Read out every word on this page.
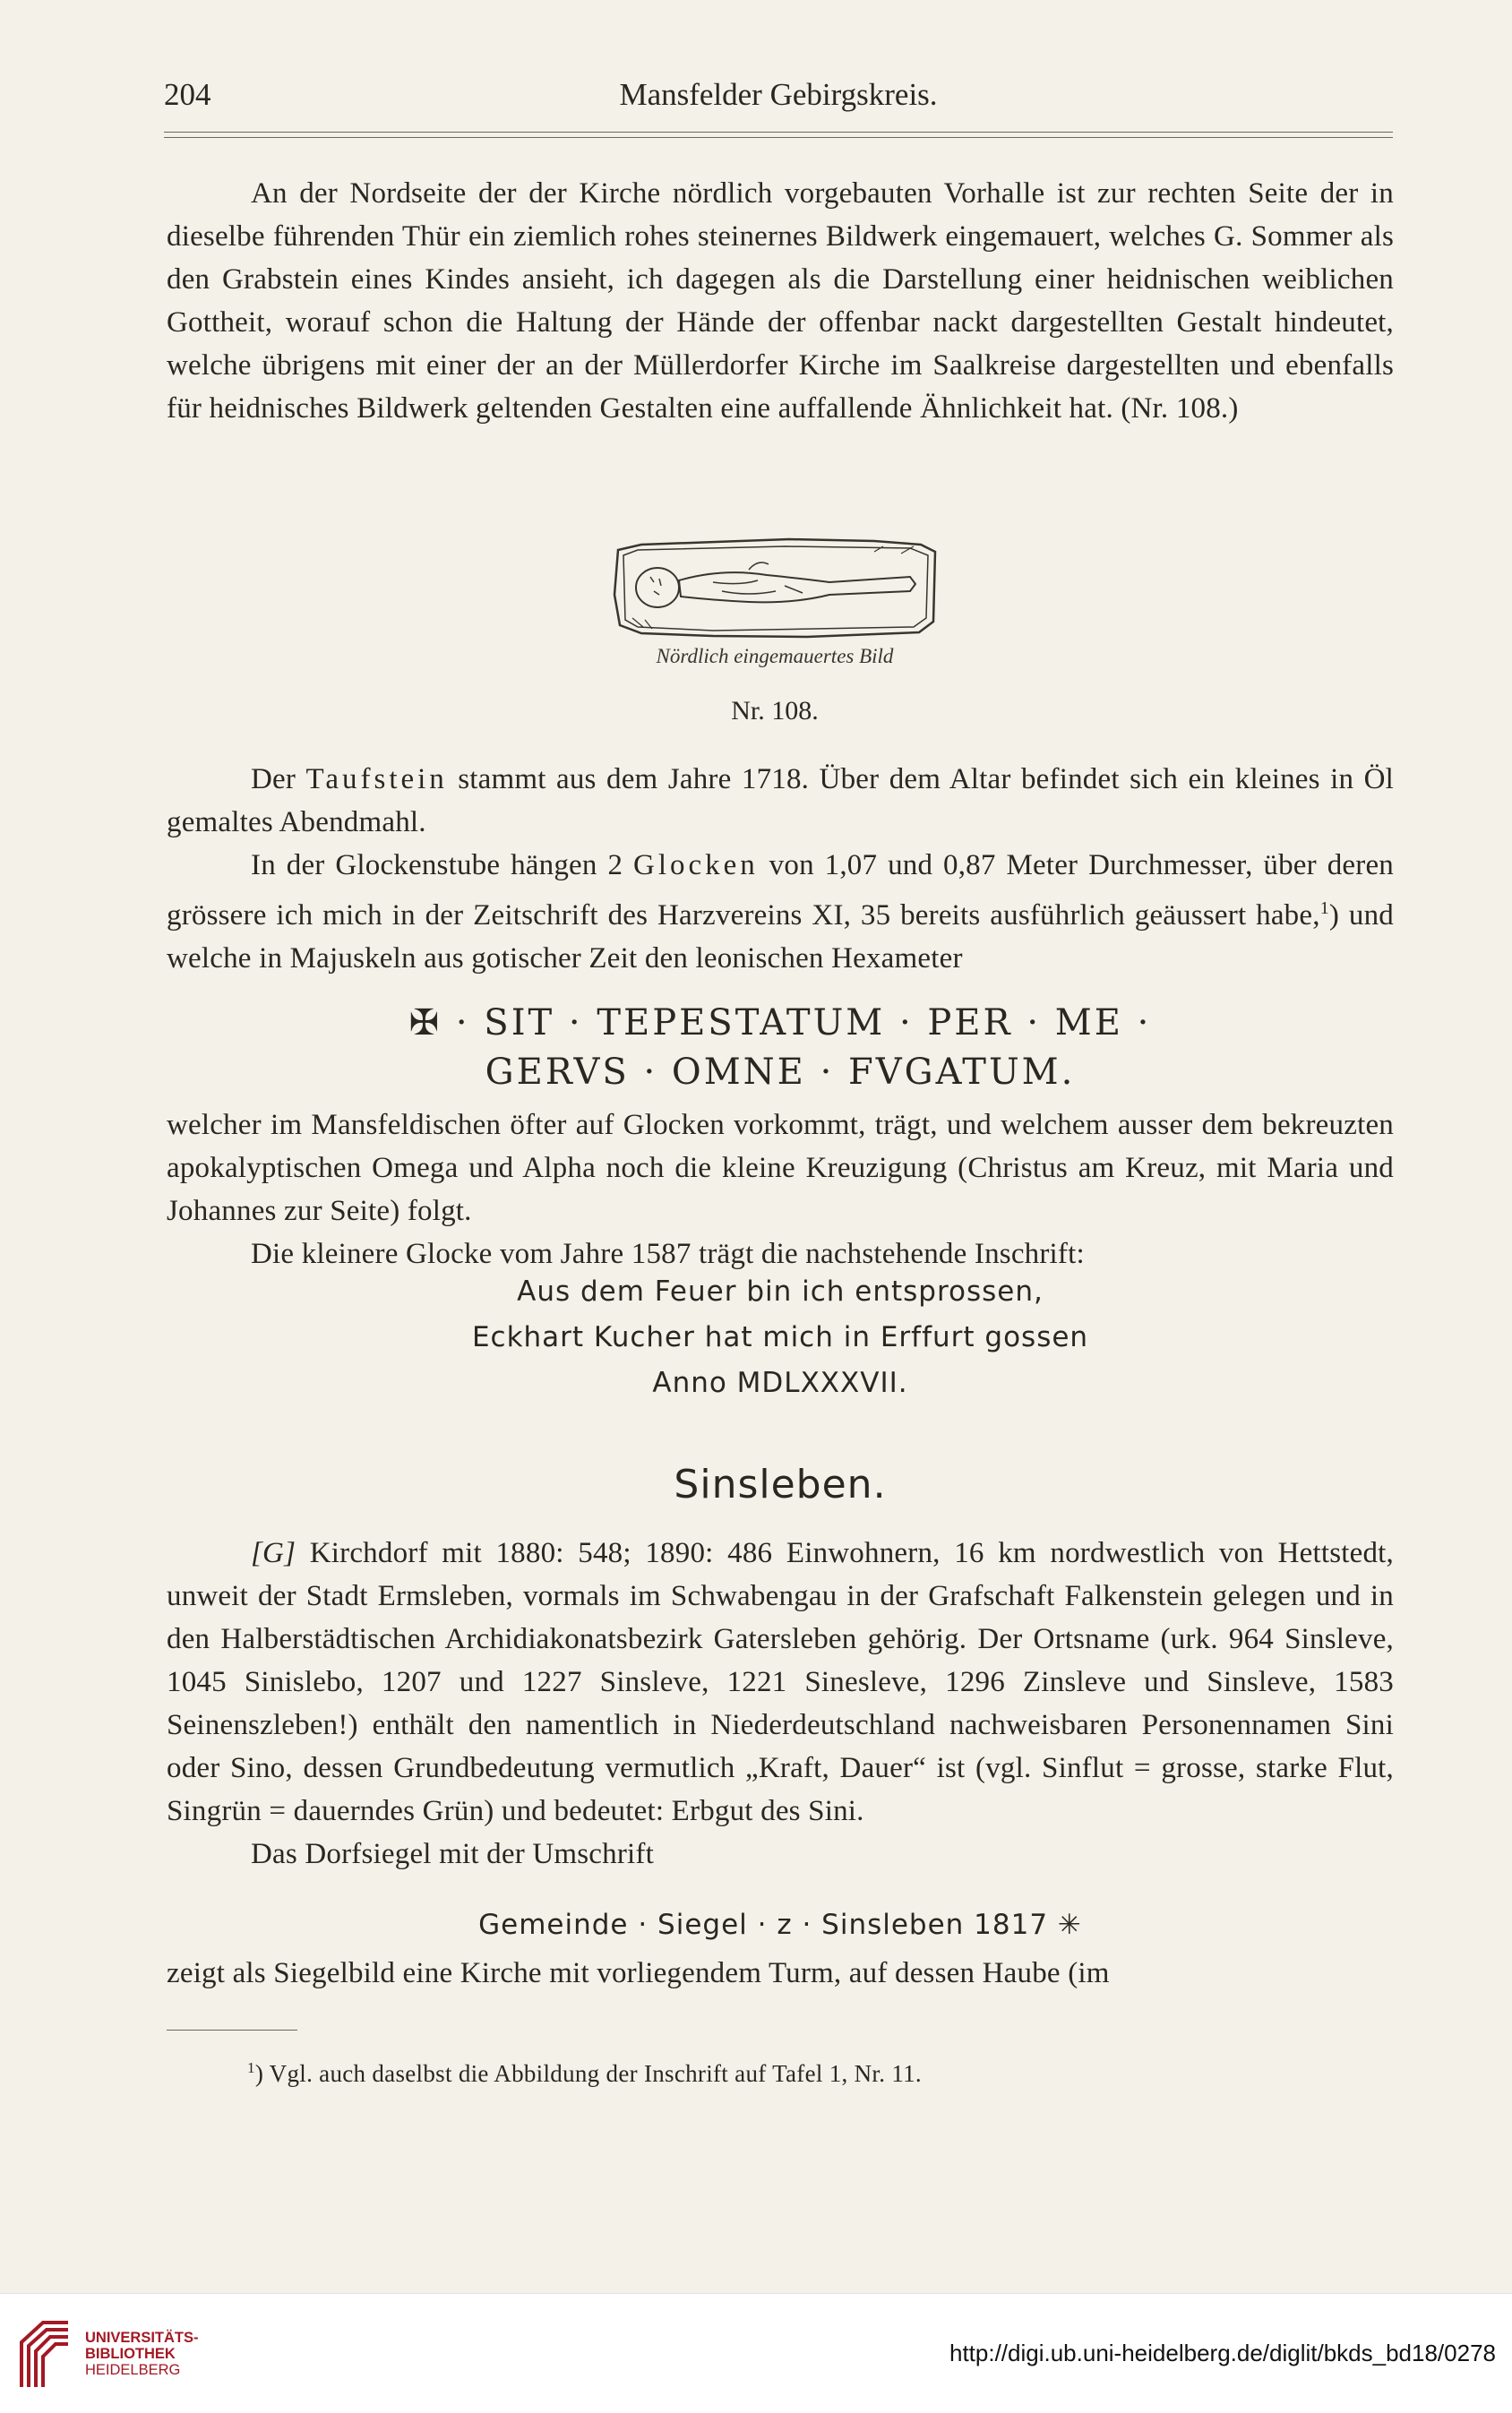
204	Mansfelder Gebirgskreis.

An der Nordseite der der Kirche nördlich vorgebauten Vorhalle ist zur rechten Seite der in dieselbe führenden Thür ein ziemlich rohes steinernes Bildwerk eingemauert, welches G. Sommer als den Grabstein eines Kindes ansieht, ich dagegen als die Darstellung einer heidnischen weiblichen Gottheit, worauf schon die Haltung der Hände der offenbar nackt dargestellten Gestalt hindeutet, welche übrigens mit einer der an der Müllerdorfer Kirche im Saalkreise dargestellten und ebenfalls für heidnisches Bildwerk geltenden Gestalten eine auffallende Ähnlichkeit hat. (Nr. 108.)

Nördlich eingemauertes Bild
Nr. 108.

Der Taufstein stammt aus dem Jahre 1718. Über dem Altar befindet sich ein kleines in Öl gemaltes Abendmahl.

In der Glockenstube hängen 2 Glocken von 1,07 und 0,87 Meter Durchmesser, über deren grössere ich mich in der Zeitschrift des Harzvereins XI, 35 bereits ausführlich geäussert habe,$^1$) und welche in Majuskeln aus gotischer Zeit den leonischen Hexameter

✠ · SIT · TEPESTATUM · PER · ME ·
GERVS · OMNE · FVGATUM.

welcher im Mansfeldischen öfter auf Glocken vorkommt, trägt, und welchem ausser dem bekreuzten apokalyptischen Omega und Alpha noch die kleine Kreuzigung (Christus am Kreuz, mit Maria und Johannes zur Seite) folgt.

Die kleinere Glocke vom Jahre 1587 trägt die nachstehende Inschrift:

Aus dem Feuer bin ich entsprossen,
Eckhart Kucher hat mich in Erffurt gossen
Anno MDLXXXVII.
Sinsleben.

[G] Kirchdorf mit 1880: 548; 1890: 486 Einwohnern, 16 km nordwestlich von Hettstedt, unweit der Stadt Ermsleben, vormals im Schwabengau in der Grafschaft Falkenstein gelegen und in den Halberstädtischen Archidiakonatsbezirk Gatersleben gehörig. Der Ortsname (urk. 964 Sinsleve, 1045 Sinislebo, 1207 und 1227 Sinsleve, 1221 Sinesleve, 1296 Zinsleve und Sinsleve, 1583 Seinenszleben!) enthält den namentlich in Niederdeutschland nachweisbaren Personennamen Sini oder Sino, dessen Grundbedeutung vermutlich „Kraft, Dauer“ ist (vgl. Sinflut = grosse, starke Flut, Singrün = dauerndes Grün) und bedeutet: Erbgut des Sini.

Das Dorfsiegel mit der Umschrift

Gemeinde · Siegel · z · Sinsleben 1817 ✳

zeigt als Siegelbild eine Kirche mit vorliegendem Turm, auf dessen Haube (im

$^1$) Vgl. auch daselbst die Abbildung der Inschrift auf Tafel 1, Nr. 11.
UNIVERSITÄTS-
BIBLIOTHEK
HEIDELBERG
http://digi.ub.uni-heidelberg.de/diglit/bkds_bd18/0278
